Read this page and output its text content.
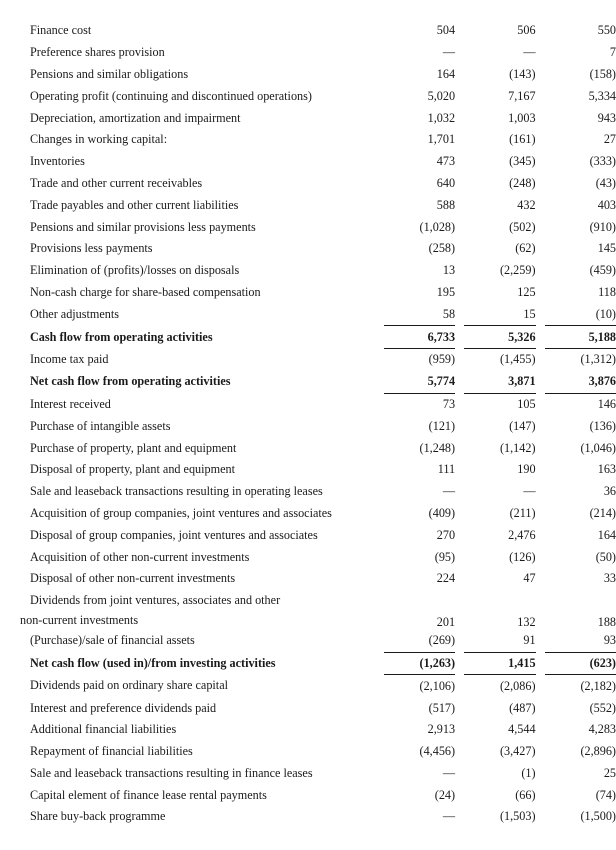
Finance cost	504		506		550
Preference shares provision	—		—		7
Pensions and similar obligations	164		(143)		(158)
Operating profit (continuing and discontinued operations)	5,020		7,167		5,334
Depreciation, amortization and impairment	1,032		1,003		943
Changes in working capital:	1,701		(161)		27
Inventories	473		(345)		(333)
Trade and other current receivables	640		(248)		(43)
Trade payables and other current liabilities	588		432		403
Pensions and similar provisions less payments	(1,028)		(502)		(910)
Provisions less payments	(258)		(62)		145
Elimination of (profits)/losses on disposals	13		(2,259)		(459)
Non-cash charge for share-based compensation	195		125		118
Other adjustments	58		15		(10)
Cash flow from operating activities	6,733		5,326		5,188
Income tax paid	(959)		(1,455)		(1,312)
Net cash flow from operating activities	5,774		3,871		3,876
Interest received	73		105		146
Purchase of intangible assets	(121)		(147)		(136)
Purchase of property, plant and equipment	(1,248)		(1,142)		(1,046)
Disposal of property, plant and equipment	111		190		163
Sale and leaseback transactions resulting in operating leases	—		—		36
Acquisition of group companies, joint ventures and associates	(409)		(211)		(214)
Disposal of group companies, joint ventures and associates	270		2,476		164
Acquisition of other non-current investments	(95)		(126)		(50)
Disposal of other non-current investments	224		47		33

Dividends from joint ventures, associates and other
non-current investments	201		132		188
(Purchase)/sale of financial assets	(269)		91		93
Net cash flow (used in)/from investing activities	(1,263)		1,415		(623)
Dividends paid on ordinary share capital	(2,106)		(2,086)		(2,182)
Interest and preference dividends paid	(517)		(487)		(552)
Additional financial liabilities	2,913		4,544		4,283
Repayment of financial liabilities	(4,456)		(3,427)		(2,896)
Sale and leaseback transactions resulting in finance leases	—		(1)		25
Capital element of finance lease rental payments	(24)		(66)		(74)
Share buy-back programme	—		(1,503)		(1,500)
